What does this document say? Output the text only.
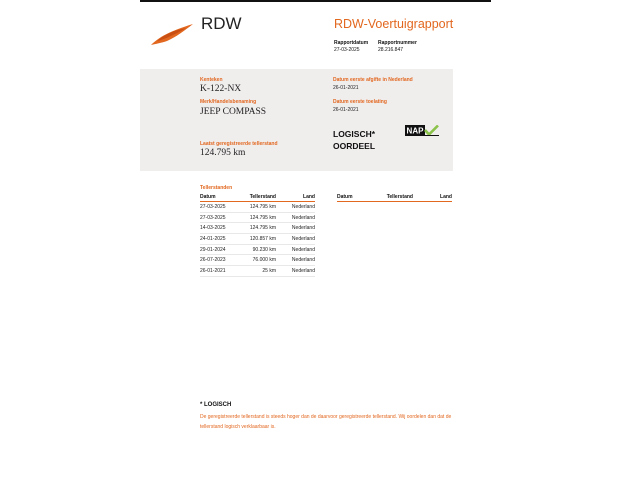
RDW	RDW-Voertuigrapport
Rapportdatum
27-03-2025
Rapportnummer
28.216.847
Kenteken
K-122-NX
Merk/Handelsbenaming
JEEP COMPASS
Laatst geregistreerde tellerstand
124.795 km
Datum eerste afgifte in Nederland
26-01-2021
Datum eerste toelating
26-01-2021
LOGISCH*
OORDEEL
NAP
Tellerstanden
Datum	Tellerstand	Land
27-03-2025	124.795 km	Nederland
27-03-2025	124.795 km	Nederland
14-03-2025	124.795 km	Nederland
24-01-2025	120.857 km	Nederland
29-01-2024	90.230 km	Nederland
26-07-2023	76.000 km	Nederland
26-01-2021	25 km	Nederland
Datum	Tellerstand	Land
* LOGISCH
De geregistreerde tellerstand is steeds hoger dan de daarvoor geregistreerde tellerstand. Wij oordelen dan dat de tellerstand logisch verklaarbaar is.
